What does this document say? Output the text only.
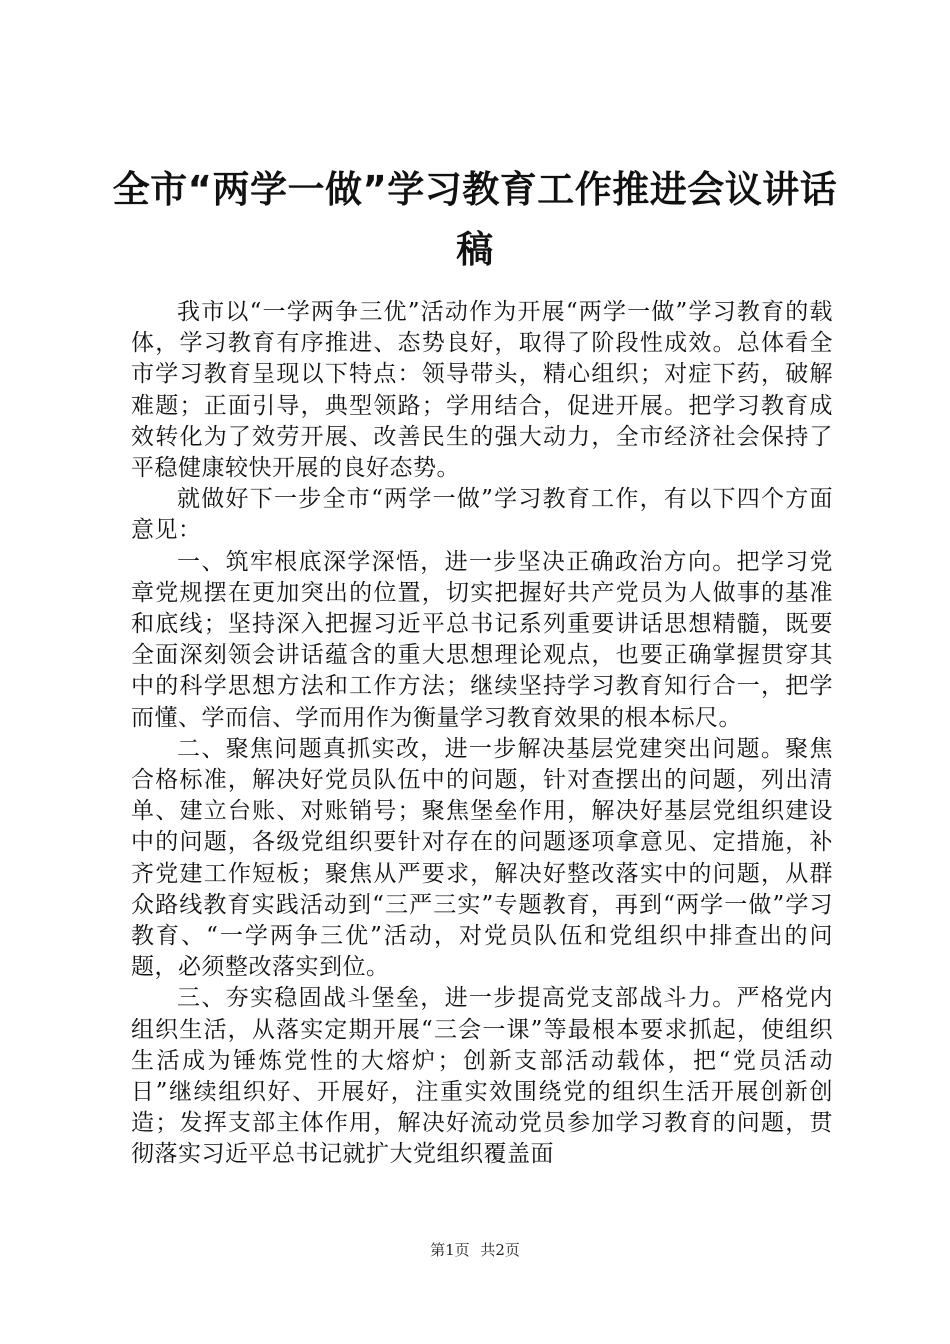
全市“两学一做”学习教育工作推进会议讲话稿

我市以“一学两争三优”活动作为开展“两学一做”学习教育的载体，学习教育有序推进、态势良好，取得了阶段性成效。总体看全市学习教育呈现以下特点：领导带头，精心组织；对症下药，破解难题；正面引导，典型领路；学用结合，促进开展。把学习教育成效转化为了效劳开展、改善民生的强大动力，全市经济社会保持了平稳健康较快开展的良好态势。

就做好下一步全市“两学一做”学习教育工作，有以下四个方面意见：

一、筑牢根底深学深悟，进一步坚决正确政治方向。把学习党章党规摆在更加突出的位置，切实把握好共产党员为人做事的基准和底线；坚持深入把握习近平总书记系列重要讲话思想精髓，既要全面深刻领会讲话蕴含的重大思想理论观点，也要正确掌握贯穿其中的科学思想方法和工作方法；继续坚持学习教育知行合一，把学而懂、学而信、学而用作为衡量学习教育效果的根本标尺。

二、聚焦问题真抓实改，进一步解决基层党建突出问题。聚焦合格标准，解决好党员队伍中的问题，针对查摆出的问题，列出清单、建立台账、对账销号；聚焦堡垒作用，解决好基层党组织建设中的问题，各级党组织要针对存在的问题逐项拿意见、定措施，补齐党建工作短板；聚焦从严要求，解决好整改落实中的问题，从群众路线教育实践活动到“三严三实”专题教育，再到“两学一做”学习教育、“一学两争三优”活动，对党员队伍和党组织中排查出的问题，必须整改落实到位。

三、夯实稳固战斗堡垒，进一步提高党支部战斗力。严格党内组织生活，从落实定期开展“三会一课”等最根本要求抓起，使组织生活成为锤炼党性的大熔炉；创新支部活动载体，把“党员活动日”继续组织好、开展好，注重实效围绕党的组织生活开展创新创造；发挥支部主体作用，解决好流动党员参加学习教育的问题，贯彻落实习近平总书记就扩大党组织覆盖面

第1页 共2页
